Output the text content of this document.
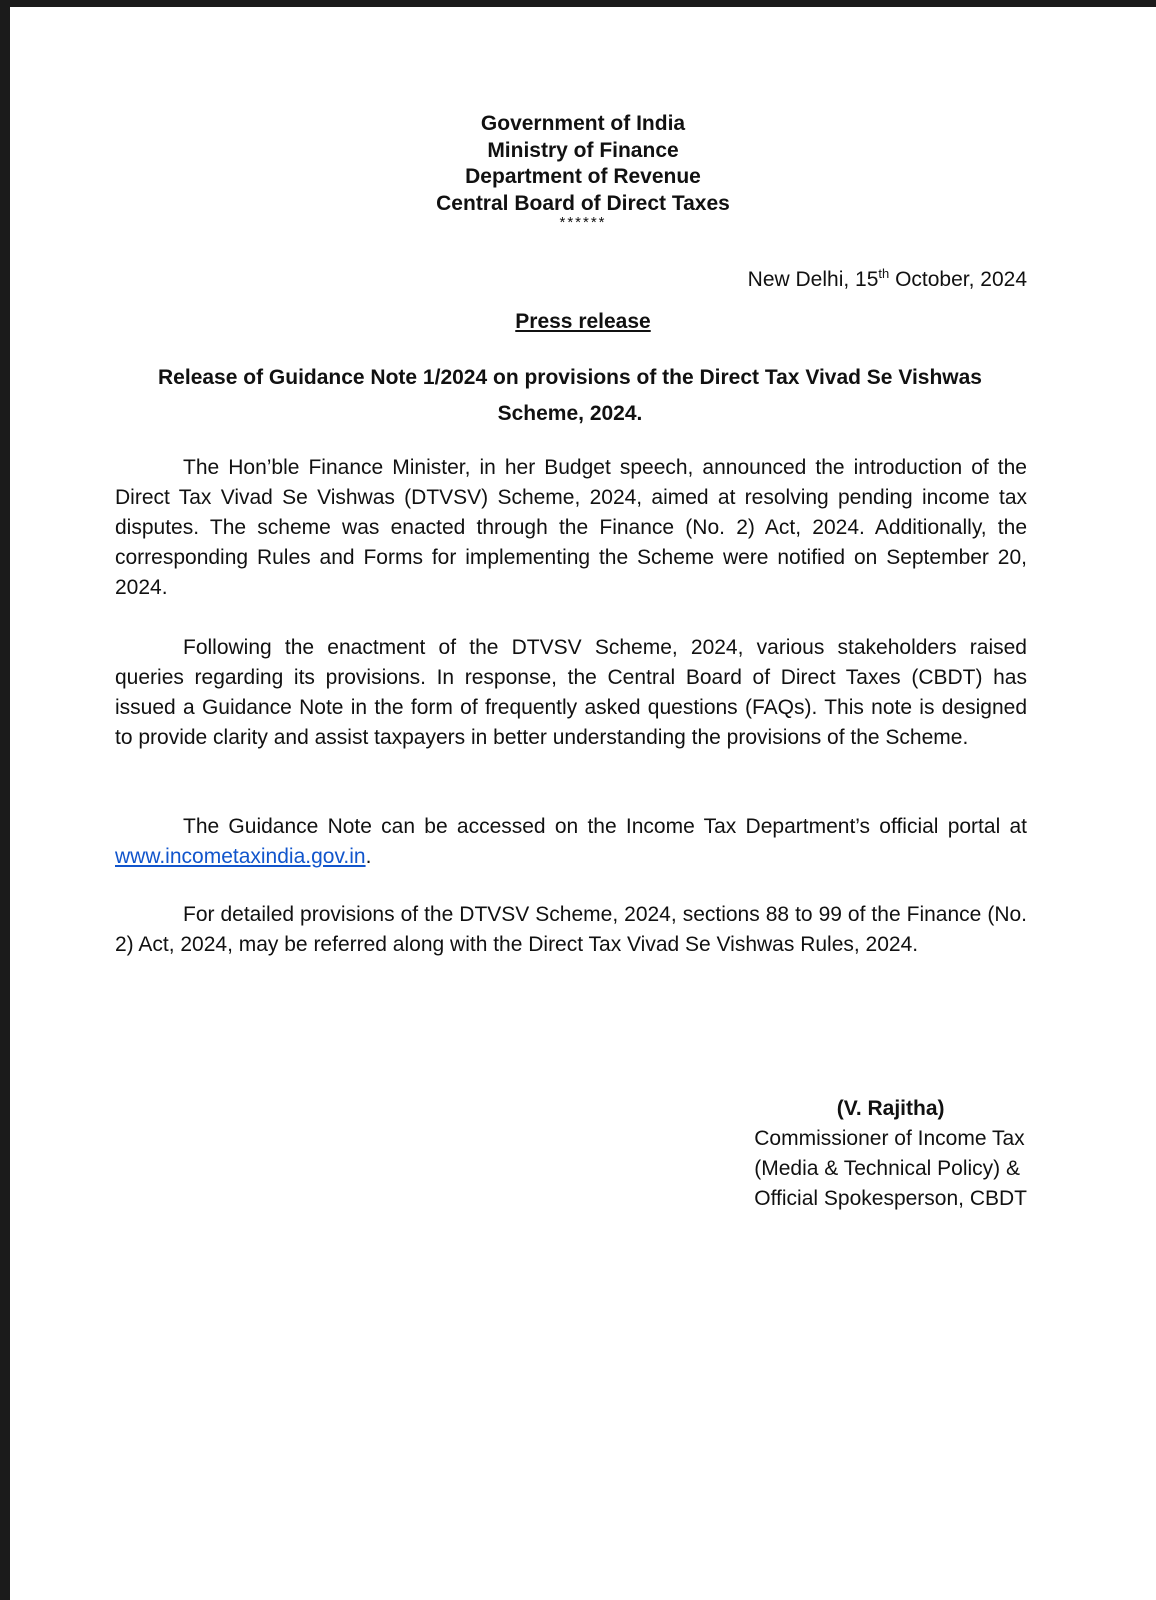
Government of India
Ministry of Finance
Department of Revenue
Central Board of Direct Taxes
******
New Delhi, 15th October, 2024
Press release
Release of Guidance Note 1/2024 on provisions of the Direct Tax Vivad Se Vishwas Scheme, 2024.

The Hon’ble Finance Minister, in her Budget speech, announced the introduction of the Direct Tax Vivad Se Vishwas (DTVSV) Scheme, 2024, aimed at resolving pending income tax disputes. The scheme was enacted through the Finance (No. 2) Act, 2024. Additionally, the corresponding Rules and Forms for implementing the Scheme were notified on September 20, 2024.

Following the enactment of the DTVSV Scheme, 2024, various stakeholders raised queries regarding its provisions. In response, the Central Board of Direct Taxes (CBDT) has issued a Guidance Note in the form of frequently asked questions (FAQs). This note is designed to provide clarity and assist taxpayers in better understanding the provisions of the Scheme.

The Guidance Note can be accessed on the Income Tax Department’s official portal at www.incometaxindia.gov.in.

For detailed provisions of the DTVSV Scheme, 2024, sections 88 to 99 of the Finance (No. 2) Act, 2024, may be referred along with the Direct Tax Vivad Se Vishwas Rules, 2024.

(V. Rajitha)
Commissioner of Income Tax
(Media & Technical Policy) &
Official Spokesperson, CBDT
